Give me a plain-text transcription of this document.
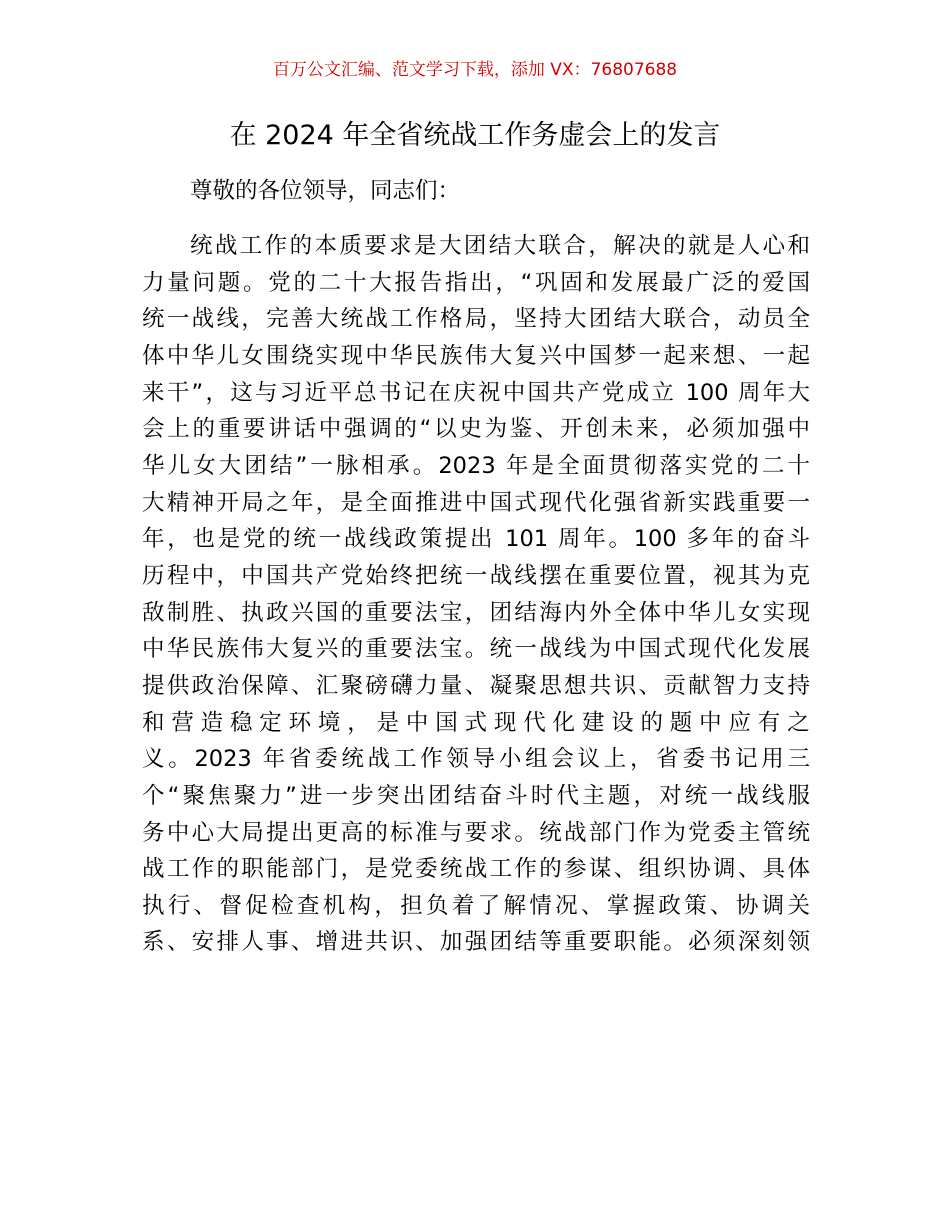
百万公文汇编、范文学习下载，添加 VX：76807688
在 2024 年全省统战工作务虚会上的发言
尊敬的各位领导，同志们：
统战工作的本质要求是大团结大联合，解决的就是人心和
力量问题。党的二十大报告指出，“巩固和发展最广泛的爱国
统一战线，完善大统战工作格局，坚持大团结大联合，动员全
体中华儿女围绕实现中华民族伟大复兴中国梦一起来想、一起
来干”，这与习近平总书记在庆祝中国共产党成立 100 周年大
会上的重要讲话中强调的“以史为鉴、开创未来，必须加强中
华儿女大团结”一脉相承。2023 年是全面贯彻落实党的二十
大精神开局之年，是全面推进中国式现代化强省新实践重要一
年，也是党的统一战线政策提出 101 周年。100 多年的奋斗
历程中，中国共产党始终把统一战线摆在重要位置，视其为克
敌制胜、执政兴国的重要法宝，团结海内外全体中华儿女实现
中华民族伟大复兴的重要法宝。统一战线为中国式现代化发展
提供政治保障、汇聚磅礴力量、凝聚思想共识、贡献智力支持
和营造稳定环境，是中国式现代化建设的题中应有之
义。2023 年省委统战工作领导小组会议上，省委书记用三
个“聚焦聚力”进一步突出团结奋斗时代主题，对统一战线服
务中心大局提出更高的标准与要求。统战部门作为党委主管统
战工作的职能部门，是党委统战工作的参谋、组织协调、具体
执行、督促检查机构，担负着了解情况、掌握政策、协调关
系、安排人事、增进共识、加强团结等重要职能。必须深刻领
